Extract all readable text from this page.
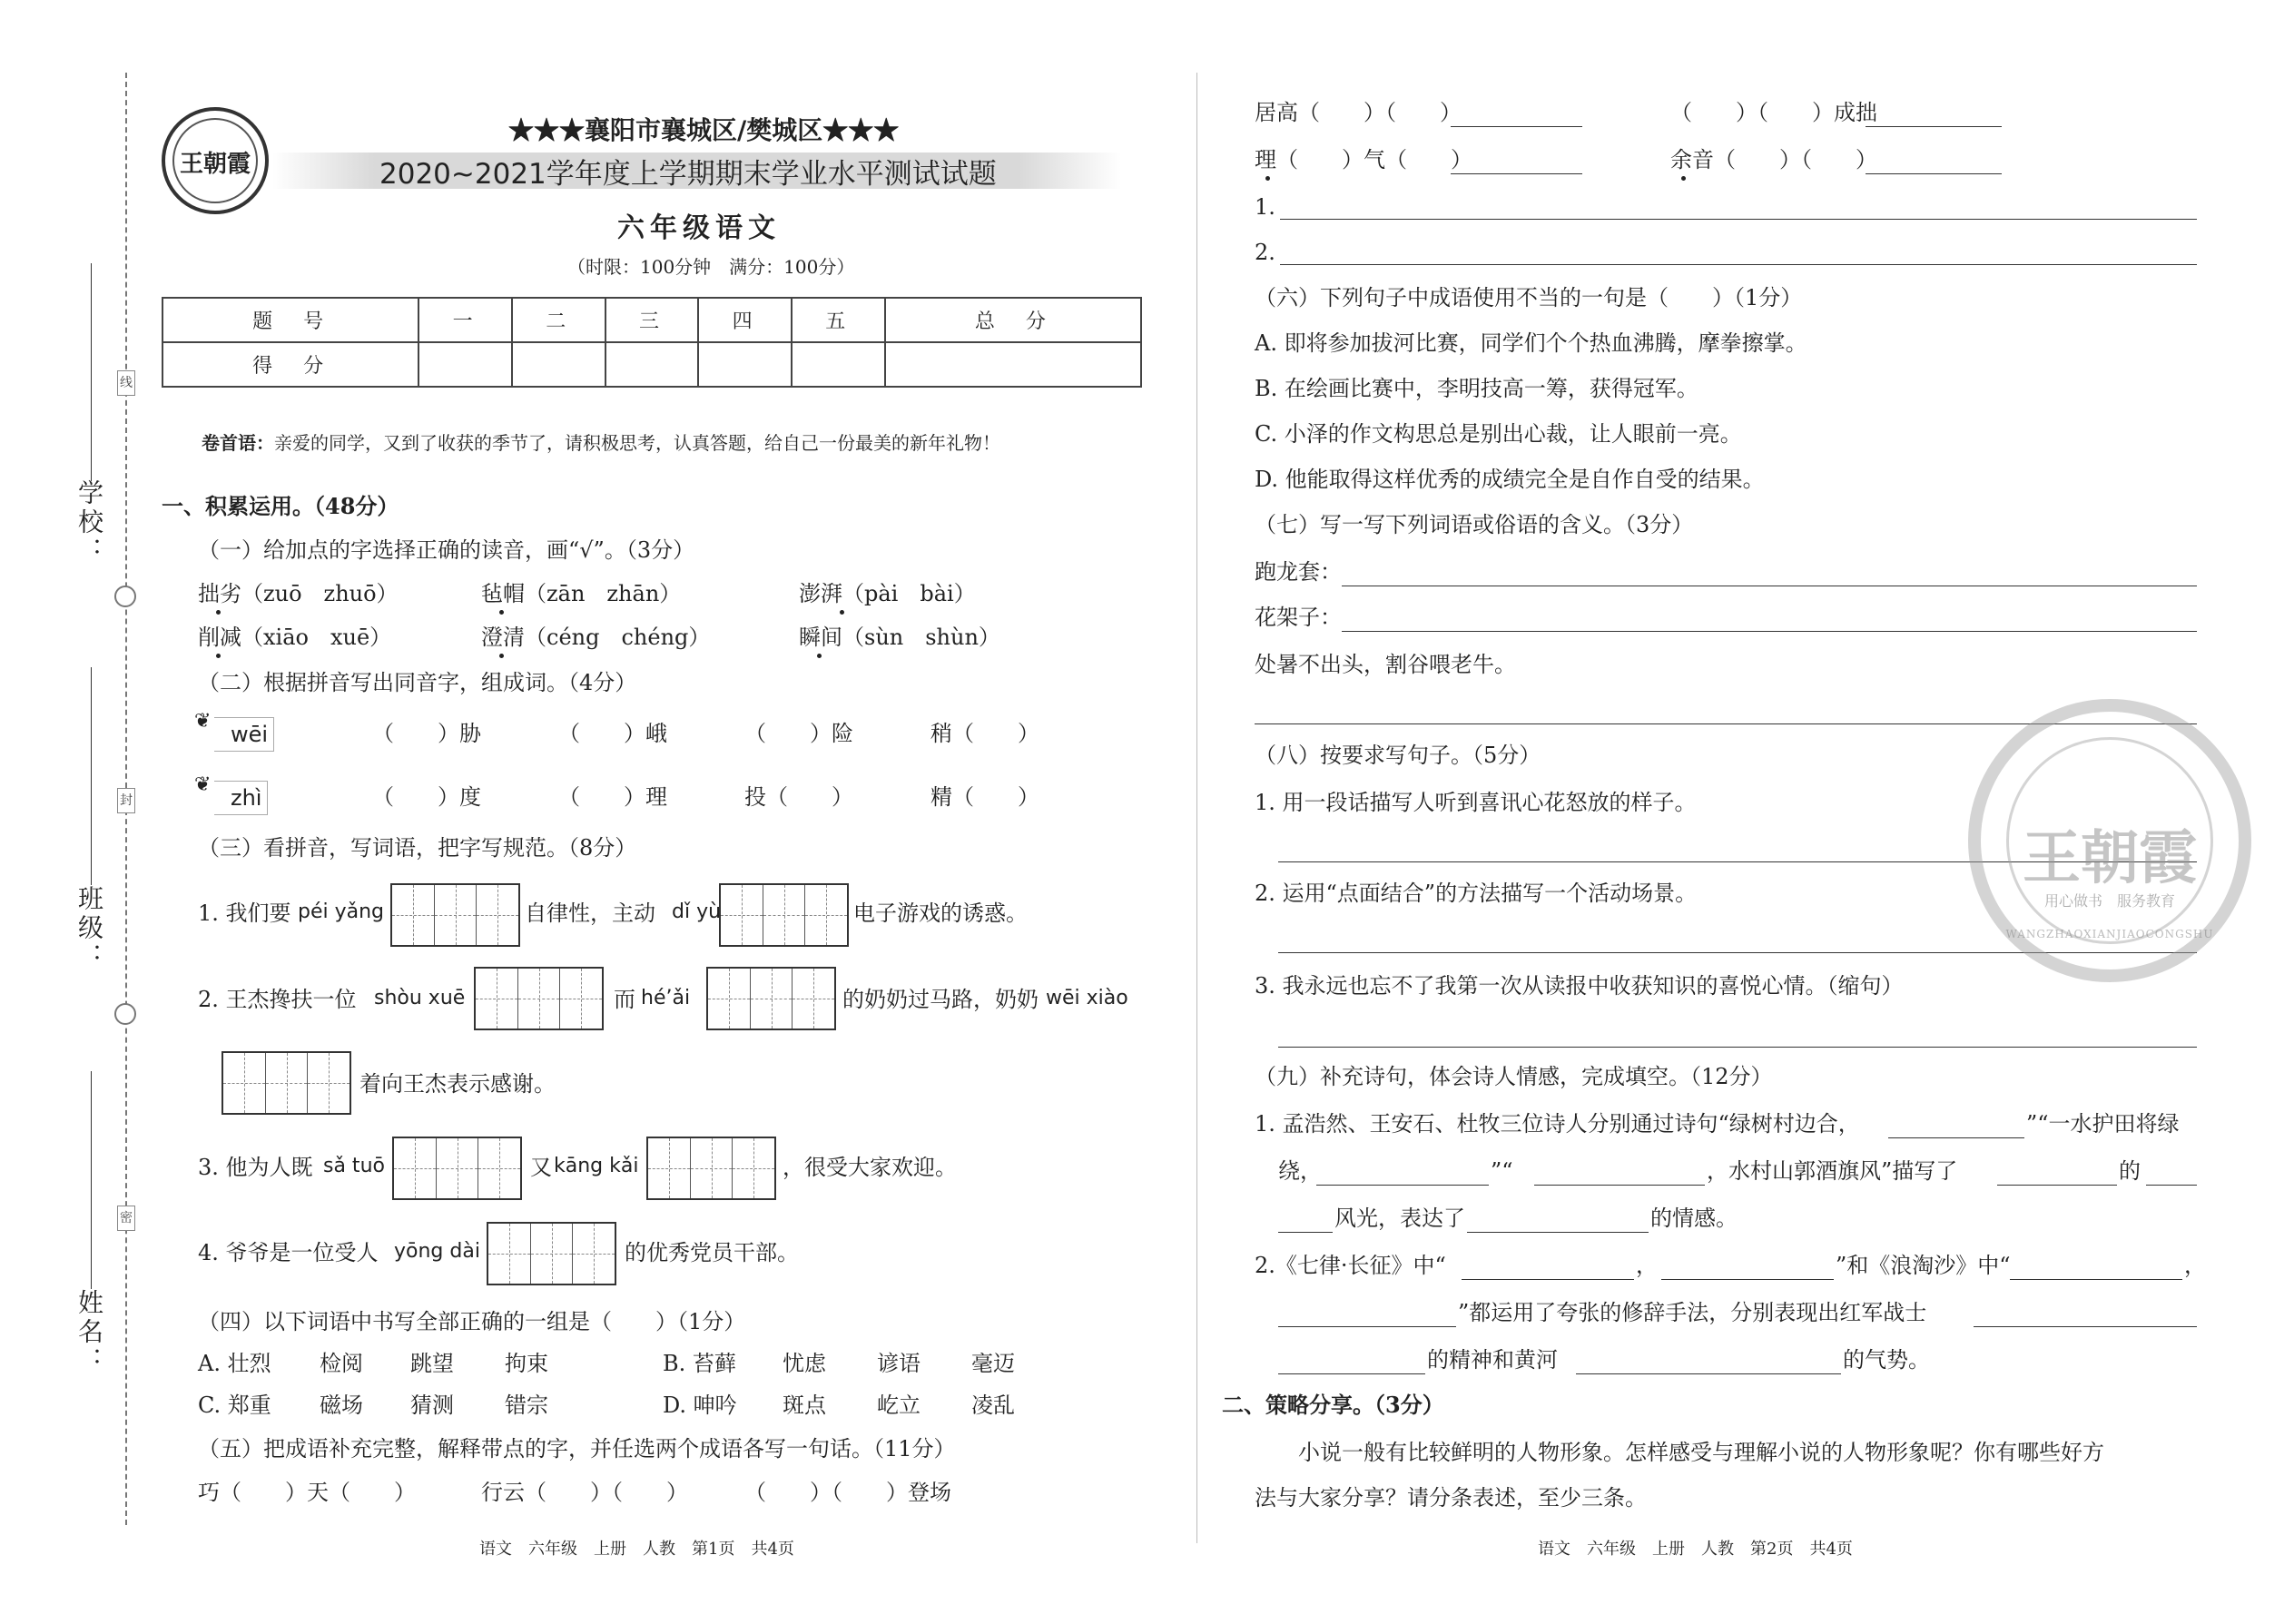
线
封
密
学校：
班级：
姓名：
王朝霞
★★★襄阳市襄城区/樊城区★★★
2020~2021学年度上学期期末学业水平测试试题
六年级语文
（时限：100分钟　满分：100分）
题　号	一	二	三	四	五	总　分
得　分						
卷首语：亲爱的同学，又到了收获的季节了，请积极思考，认真答题，给自己一份最美的新年礼物！
一、积累运用。（48分）
（一）给加点的字选择正确的读音，画“√”。（3分）
拙劣（zuō　zhuō）	毡帽（zān　zhān）	澎湃（pài　bài）
削减（xiāo　xuē）	澄清（céng　chéng）	瞬间（sùn　shùn）
（二）根据拼音写出同音字，组成词。（4分）
❦
wēi	（　　）胁	（　　）峨	（　　）险	稍（　　）
❦
zhì	（　　）度	（　　）理	投（　　）	精（　　）
（三）看拼音，写词语，把字写规范。（8分）
1. 我们要 péi yǎng	自律性，主动 dǐ yù	电子游戏的诱惑。
2. 王杰搀扶一位 shòu xuē	而 hé’ǎi	的奶奶过马路，奶奶 wēi xiào
着向王杰表示感谢。
3. 他为人既 sǎ tuō	又 kāng kǎi	，很受大家欢迎。
4. 爷爷是一位受人 yōng dài	的优秀党员干部。
（四）以下词语中书写全部正确的一组是（　　）（1分）
A. 壮烈 检阅 跳望 拘束	B. 苔藓 忧虑 谚语 毫迈
C. 郑重 磁场 猜测 错宗	D. 呻吟 斑点 屹立 凌乱
（五）把成语补充完整，解释带点的字，并任选两个成语各写一句话。（11分）
巧（　　）天（　　）	行云（　　）（　　）	（　　）（　　）登场
居高（　　）（　　）	（　　）（　　）成拙
理（　　）气（　　）	余音（　　）（　　）
1.
2.
（六）下列句子中成语使用不当的一句是（　　）（1分）
A. 即将参加拔河比赛，同学们个个热血沸腾，摩拳擦掌。
B. 在绘画比赛中，李明技高一筹，获得冠军。
C. 小泽的作文构思总是别出心裁，让人眼前一亮。
D. 他能取得这样优秀的成绩完全是自作自受的结果。
（七）写一写下列词语或俗语的含义。（3分）
跑龙套：
花架子：
处暑不出头，割谷喂老牛。
（八）按要求写句子。（5分）
1. 用一段话描写人听到喜讯心花怒放的样子。
2. 运用“点面结合”的方法描写一个活动场景。
3. 我永远也忘不了我第一次从读报中收获知识的喜悦心情。（缩句）
（九）补充诗句，体会诗人情感，完成填空。（12分）
1. 孟浩然、王安石、杜牧三位诗人分别通过诗句“绿树村边合，	”“一水护田将绿
绕，	”“	，水村山郭酒旗风”描写了	的
风光，表达了	的情感。
2.《七律·长征》中“	，	”和《浪淘沙》中“	，
”都运用了夸张的修辞手法，分别表现出红军战士
的精神和黄河	的气势。
二、策略分享。（3分）
小说一般有比较鲜明的人物形象。怎样感受与理解小说的人物形象呢？你有哪些好方
法与大家分享？请分条表述，至少三条。
王朝霞
用心做书　服务教育
WANGZHAOXIANJIAOCONGSHU
语文　六年级　上册　人教　第1页　共4页	语文　六年级　上册　人教　第2页　共4页
